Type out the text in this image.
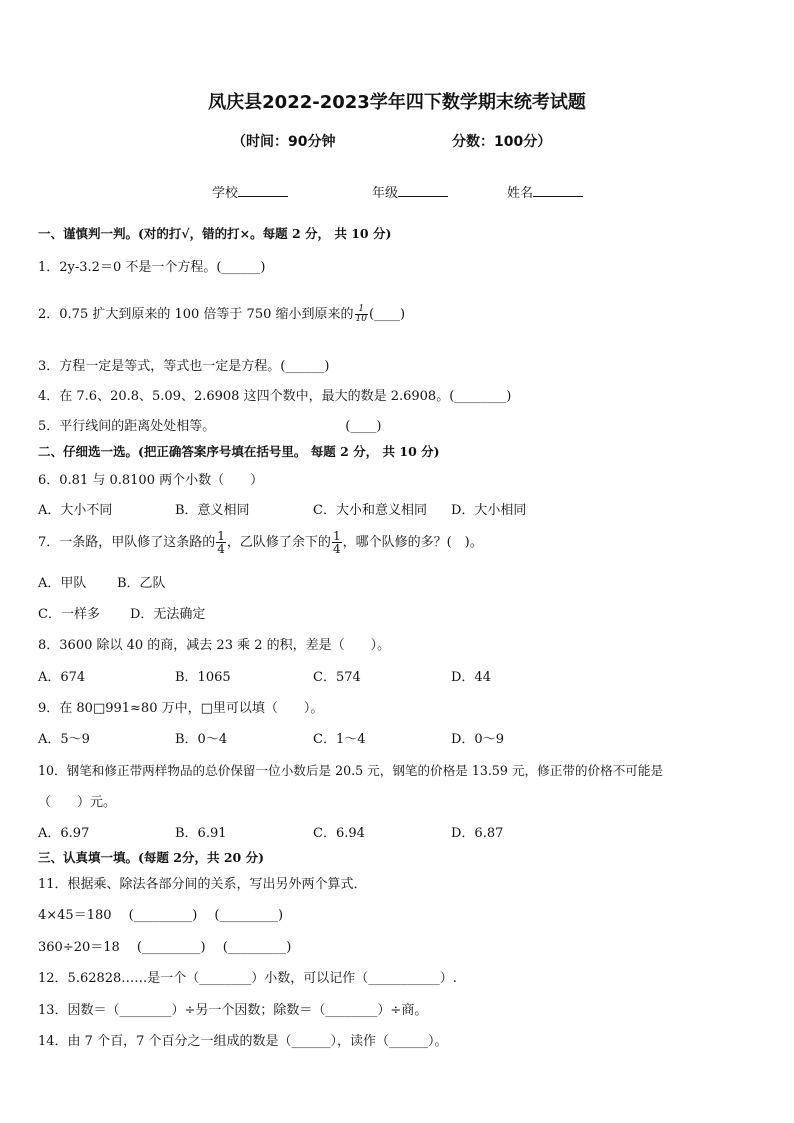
凤庆县2022-2023学年四下数学期末统考试题
（时间：90分钟	分数：100分）
学校	年级	姓名
一、谨慎判一判。(对的打√，错的打×。每题 2 分， 共 10 分)
1．2y-3.2＝0 不是一个方程。(______)
2．0.75 扩大到原来的 100 倍等于 750 缩小到原来的 $\frac{1}{10}$ (____)
3．方程一定是等式，等式也一定是方程。(______)
4．在 7.6、20.8、5.09、2.6908 这四个数中，最大的数是 2.6908。(________)
5．平行线间的距离处处相等。	(____)
二、仔细选一选。(把正确答案序号填在括号里。 每题 2 分， 共 10 分)
6．0.81 与 0.8100 两个小数（　　）
A．大小不同	B．意义相同	C．大小和意义相同 D．大小相同
7．一条路，甲队修了这条路的 $\frac{1}{4}$ ，乙队修了余下的 $\frac{1}{4}$ ，哪个队修的多？(　)。
A．甲队 B．乙队
C．一样多 D．无法确定
8．3600 除以 40 的商，减去 23 乘 2 的积，差是（　　）。
A．674	B．1065	C．574	D．44
9．在 80□991≈80 万中，□里可以填（　　）。
A．5～9	B．0～4	C．1～4	D．0～9
10．钢笔和修正带两样物品的总价保留一位小数后是 20.5 元，钢笔的价格是 13.59 元，修正带的价格不可能是
（　　）元。
A．6.97	B．6.91	C．6.94	D．6.87
三、认真填一填。(每题 2分，共 20 分)
11．根据乘、除法各部分间的关系，写出另外两个算式．
4×45＝180　 (_________)　 (_________)
360÷20＝18　 (_________)　 (_________)
12．5.62828……是一个（________）小数，可以记作（___________）.
13．因数＝（________）÷另一个因数；除数＝（________）÷商。
14．由 7 个百，7 个百分之一组成的数是（______），读作（______）。
